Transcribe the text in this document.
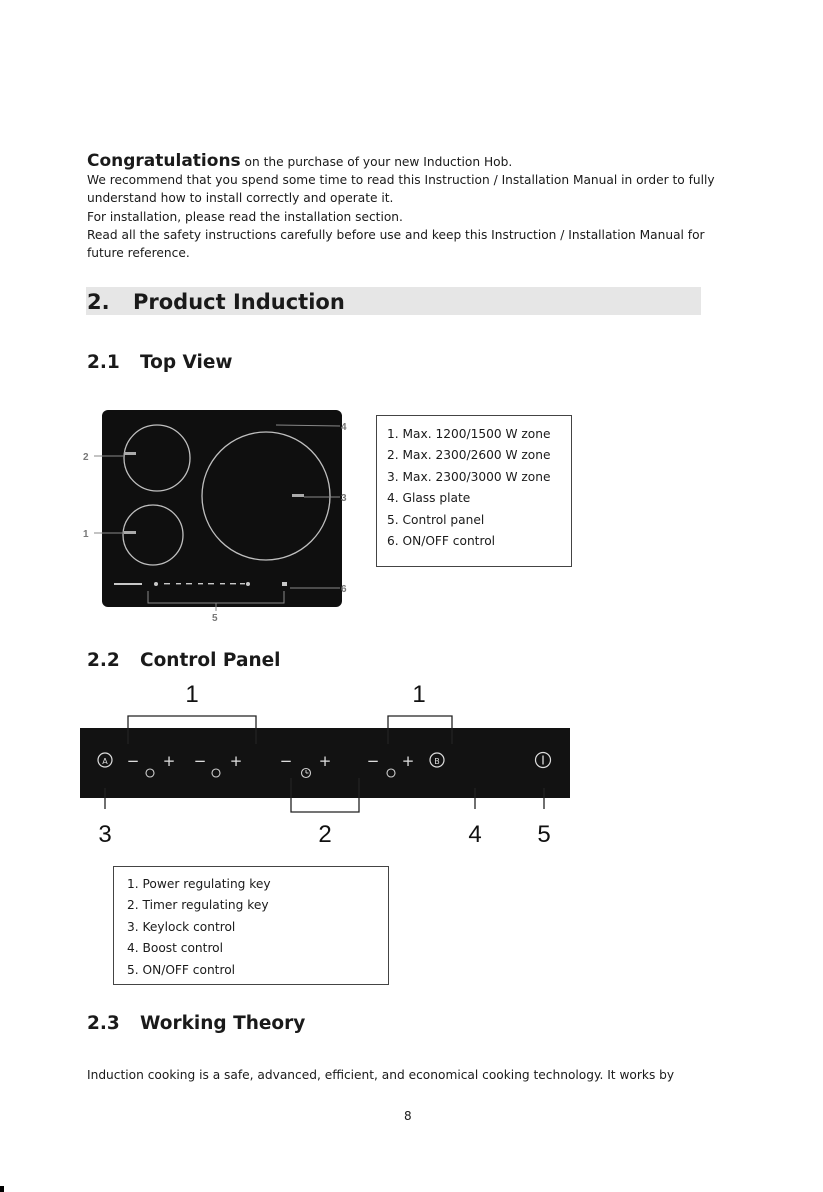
Congratulations on the purchase of your new Induction Hob.

We recommend that you spend some time to read this Instruction / Installation Manual in order to fully

understand how to install correctly and operate it.

For installation, please read the installation section.

Read all the safety instructions carefully before use and keep this Instruction / Installation Manual for

future reference.

2. Product Induction
2.1 Top View
2
1
4
3
6
5
1. Max. 1200/1500 W zone
2. Max. 2300/2600 W zone
3. Max. 2300/3000 W zone
4. Glass plate
5. Control panel
6. ON/OFF control
2.2 Control Panel
A − + − + − + − + B
1	1
3	2	4 5
1. Power regulating key
2. Timer regulating key
3. Keylock control
4. Boost control
5. ON/OFF control
2.3 Working Theory
Induction cooking is a safe, advanced, efficient, and economical cooking technology. It works by
8
